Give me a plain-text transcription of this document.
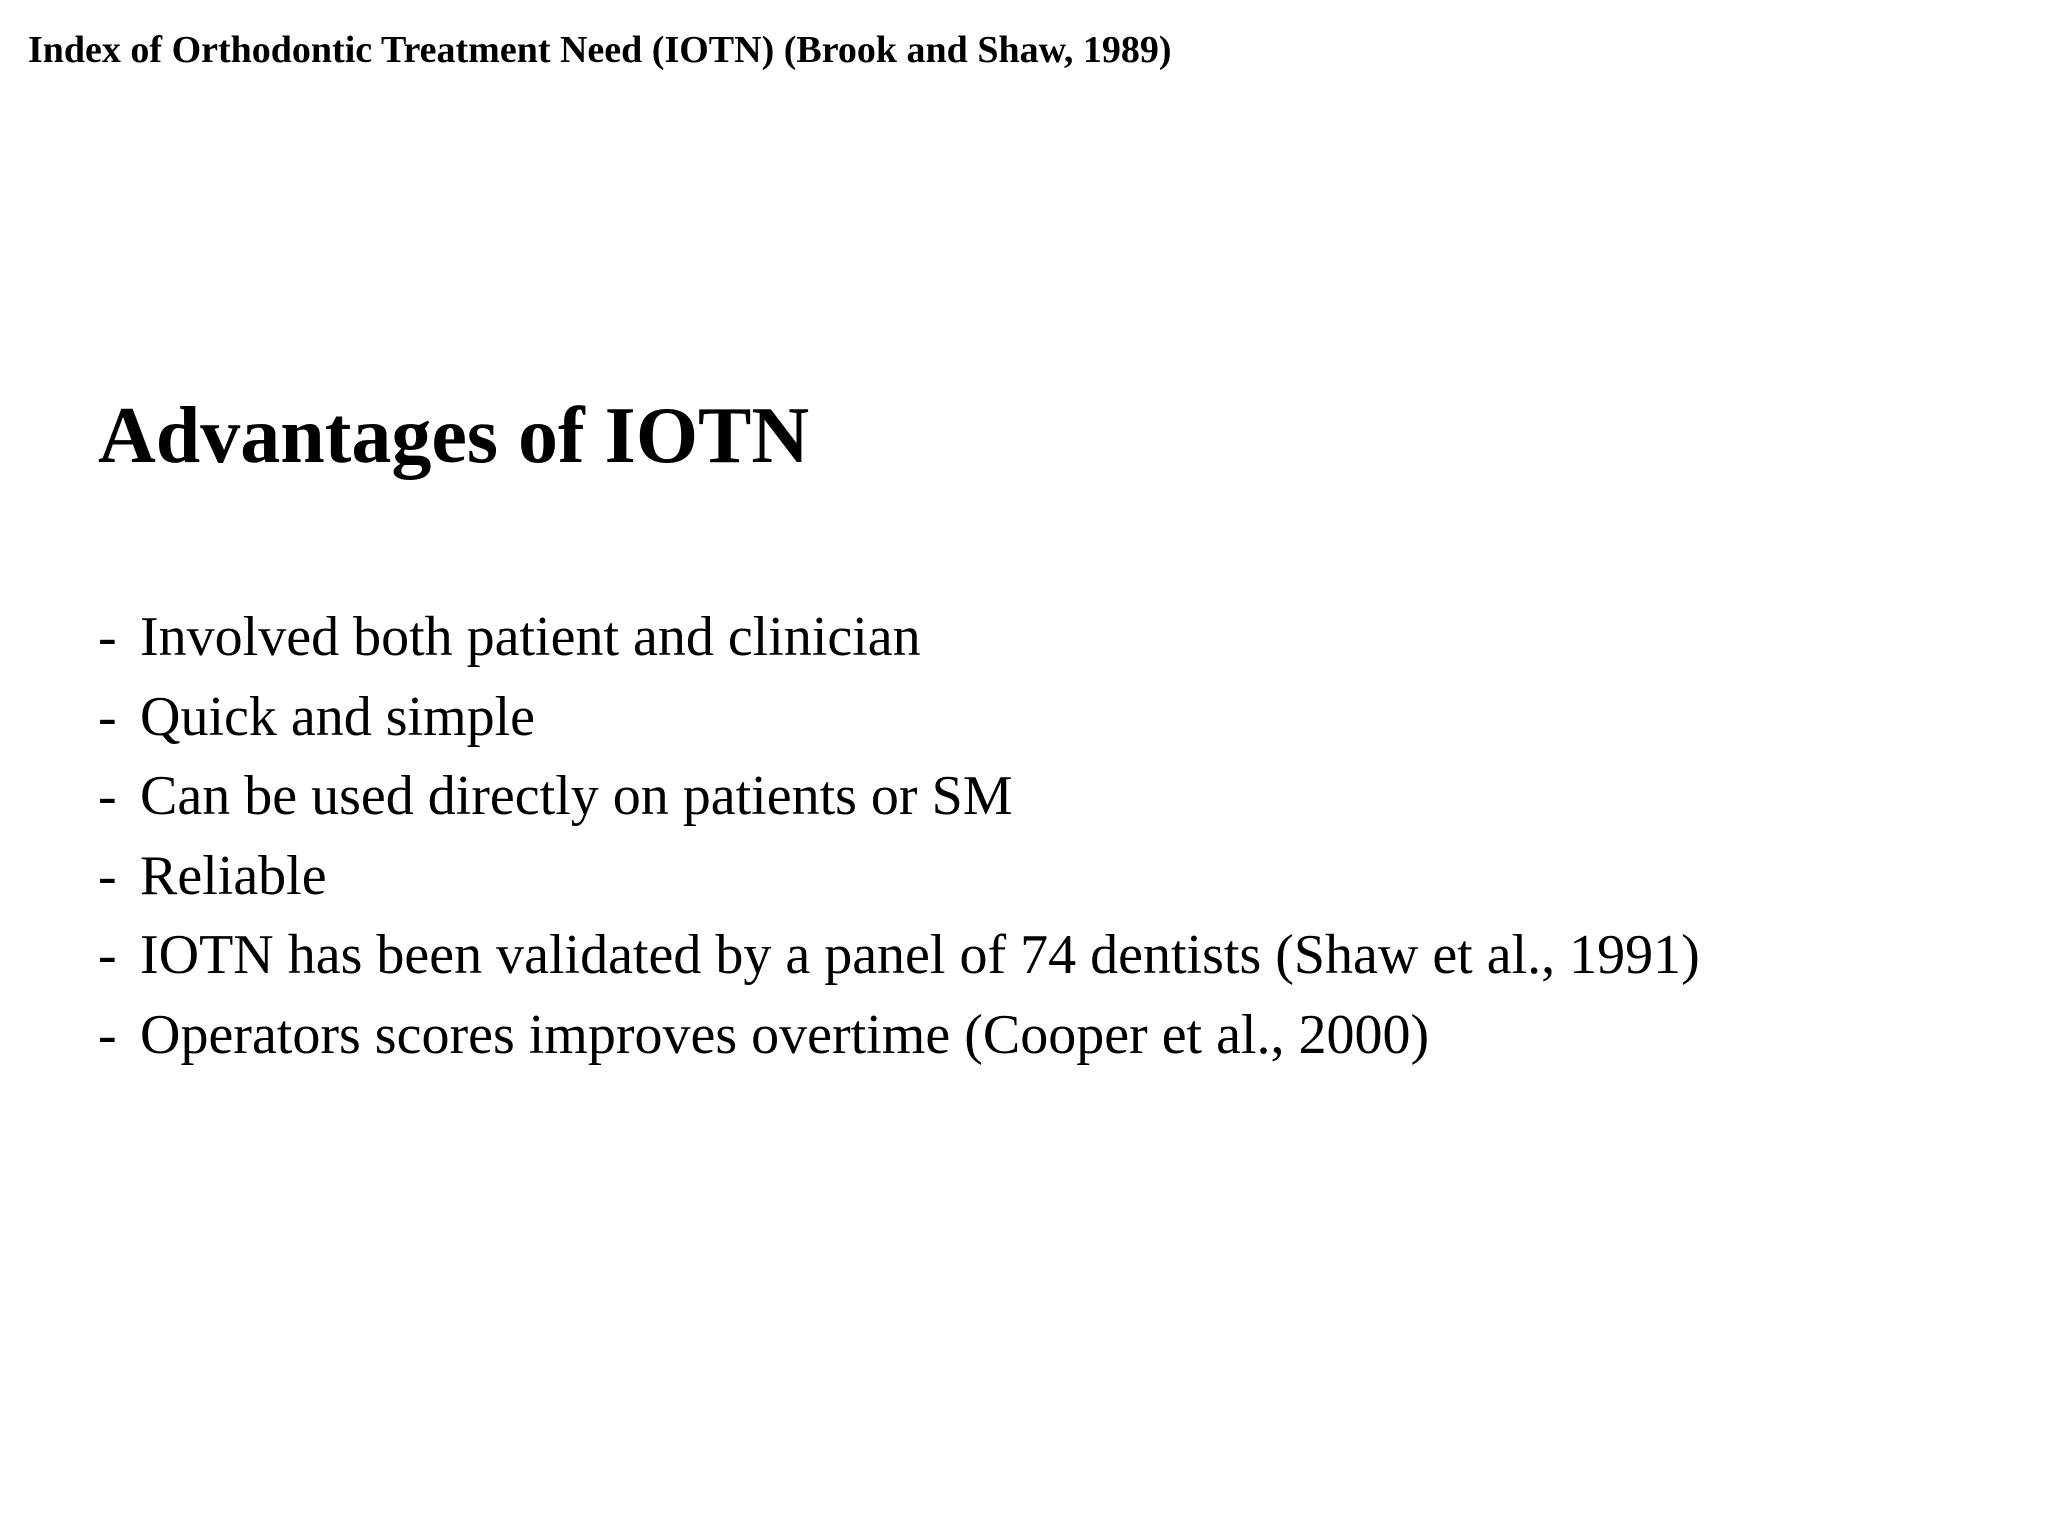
Index of Orthodontic Treatment Need (IOTN) (Brook and Shaw, 1989)
Advantages of IOTN
- Involved both patient and clinician
- Quick and simple
- Can be used directly on patients or SM
- Reliable
- IOTN has been validated by a panel of 74 dentists (Shaw et al., 1991)
- Operators scores improves overtime (Cooper et al., 2000)
